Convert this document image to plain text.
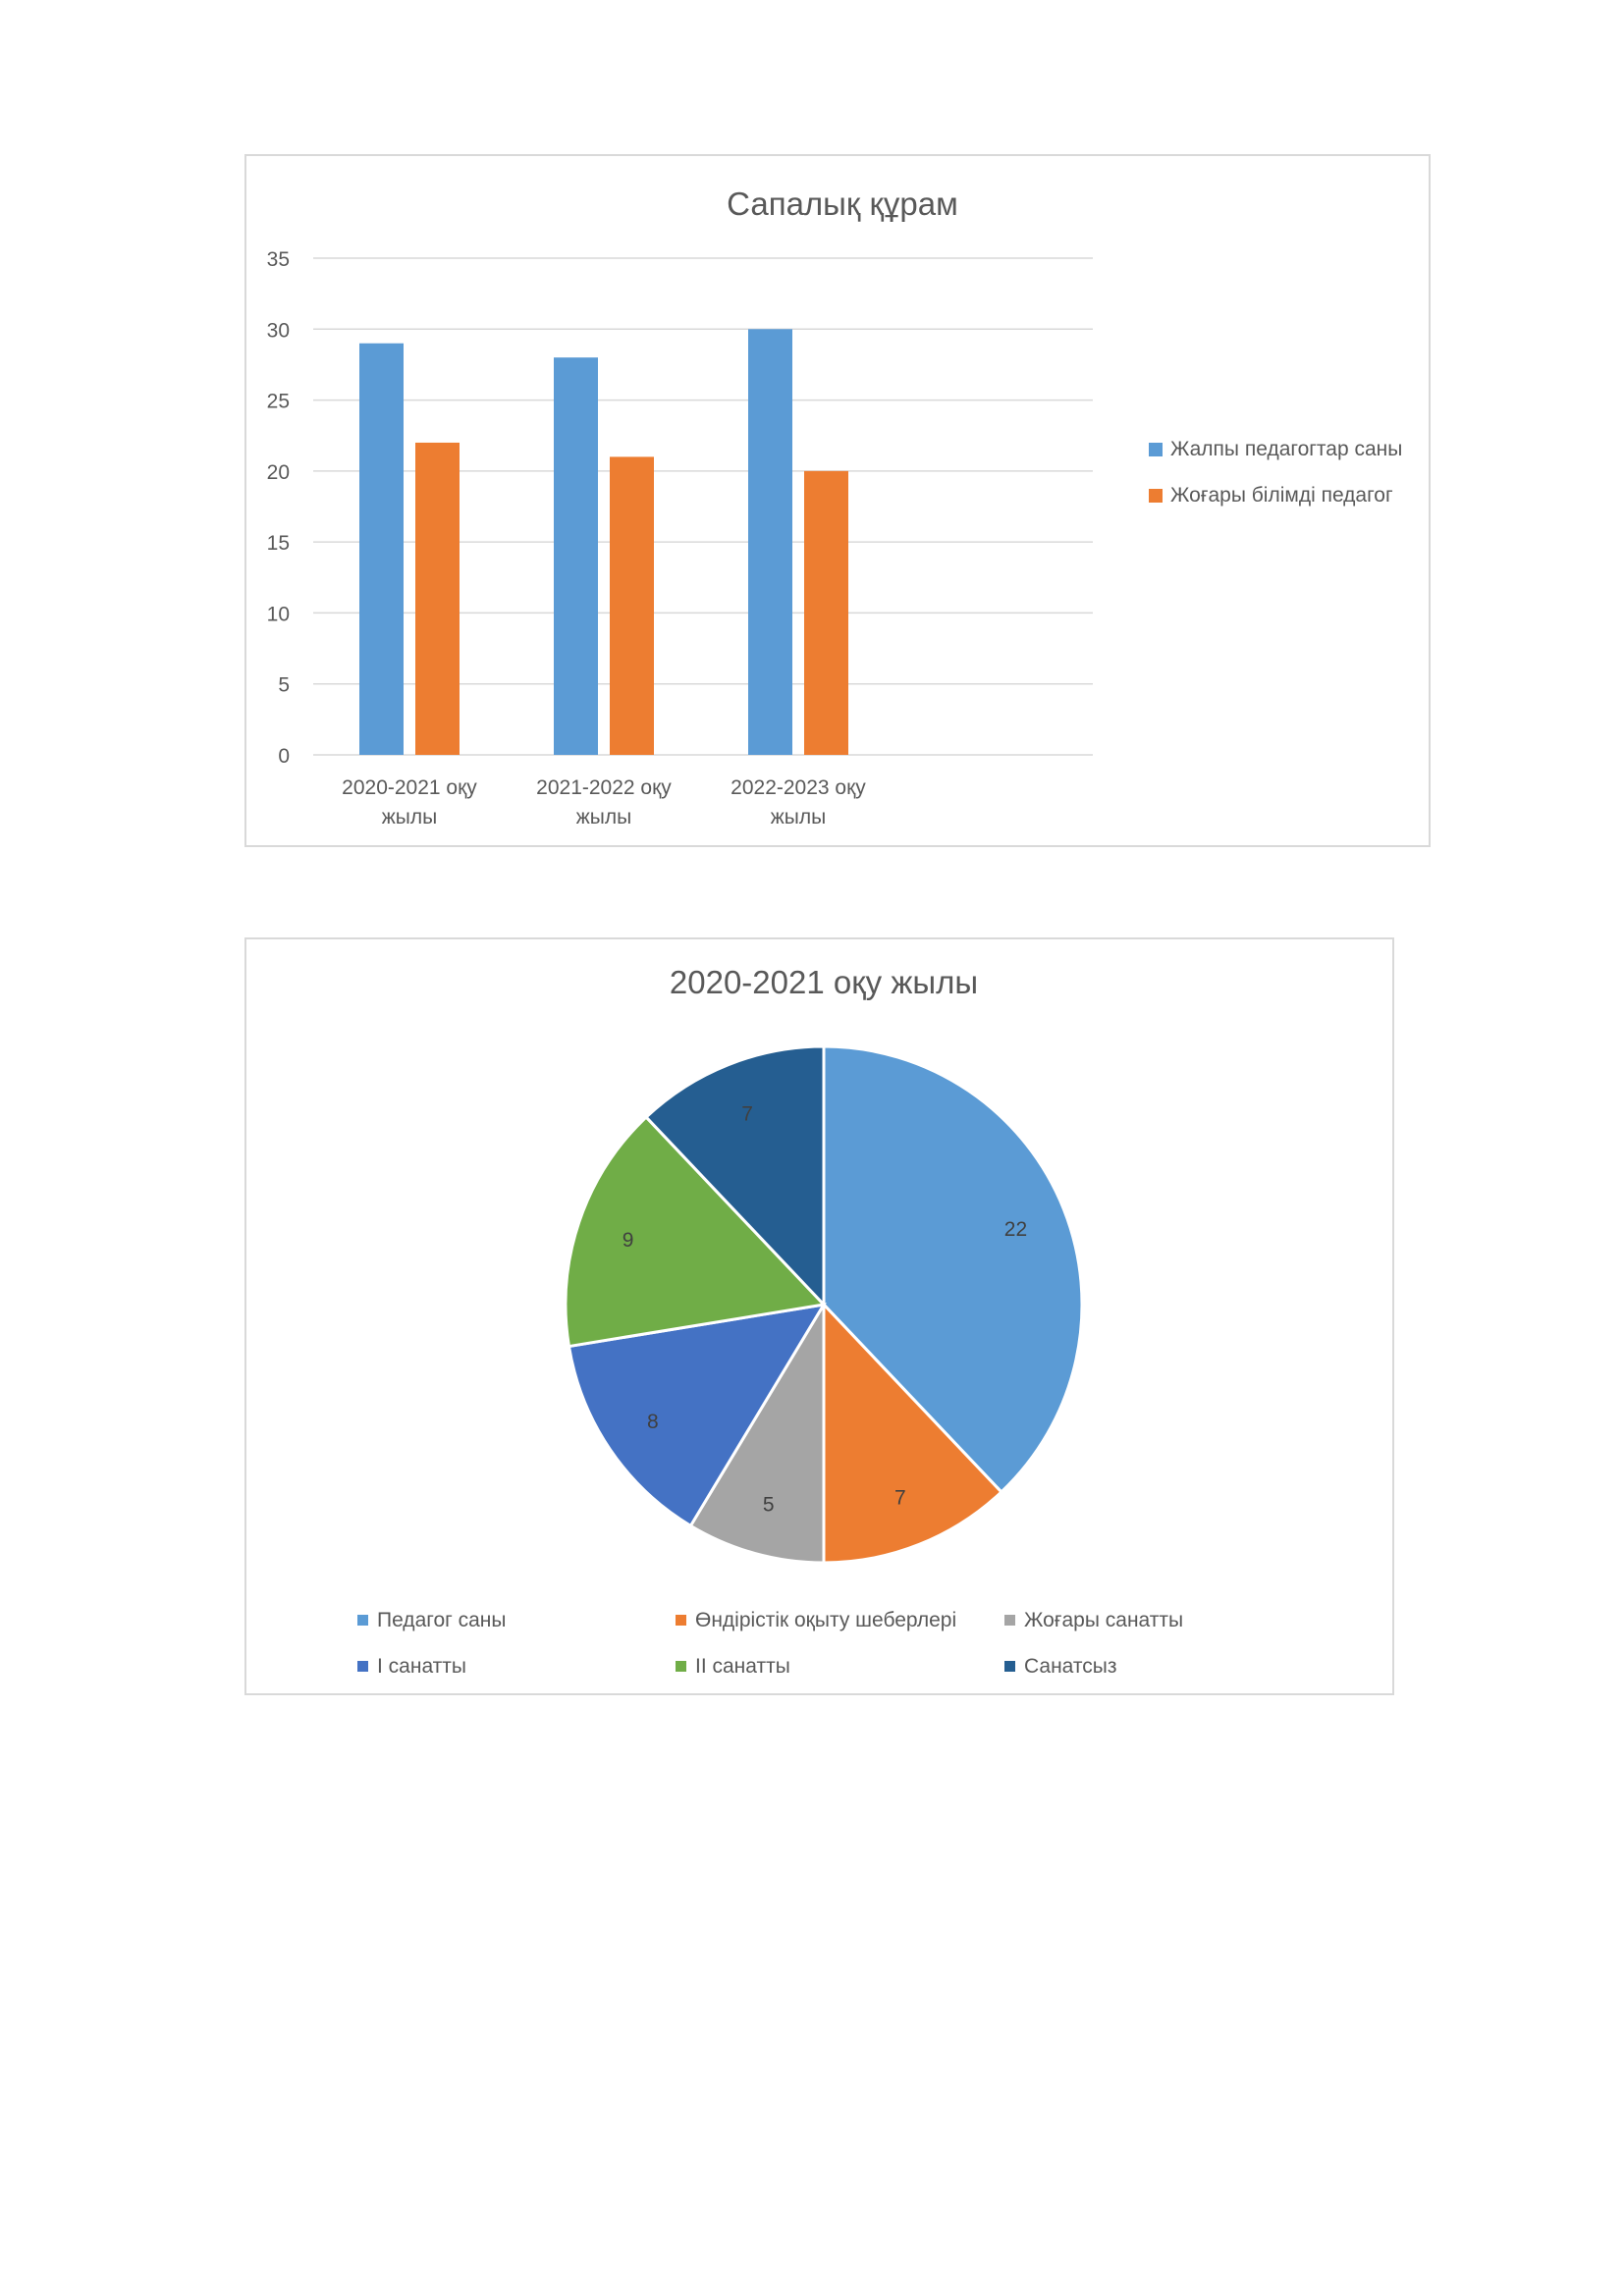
Сапалық құрам
0
5
10
15
20
25
30
35
2020-2021 оқу жылы
2021-2022 оқу жылы
2022-2023 оқу жылы
Жалпы педагогтар саны
Жоғары білімді педагог
2020-2021 оқу жылы
22
7
5
8
9
7
Педагог саны	Өндірістік оқыту шеберлері	Жоғары санатты
І санатты	ІІ санатты	Санатсыз
